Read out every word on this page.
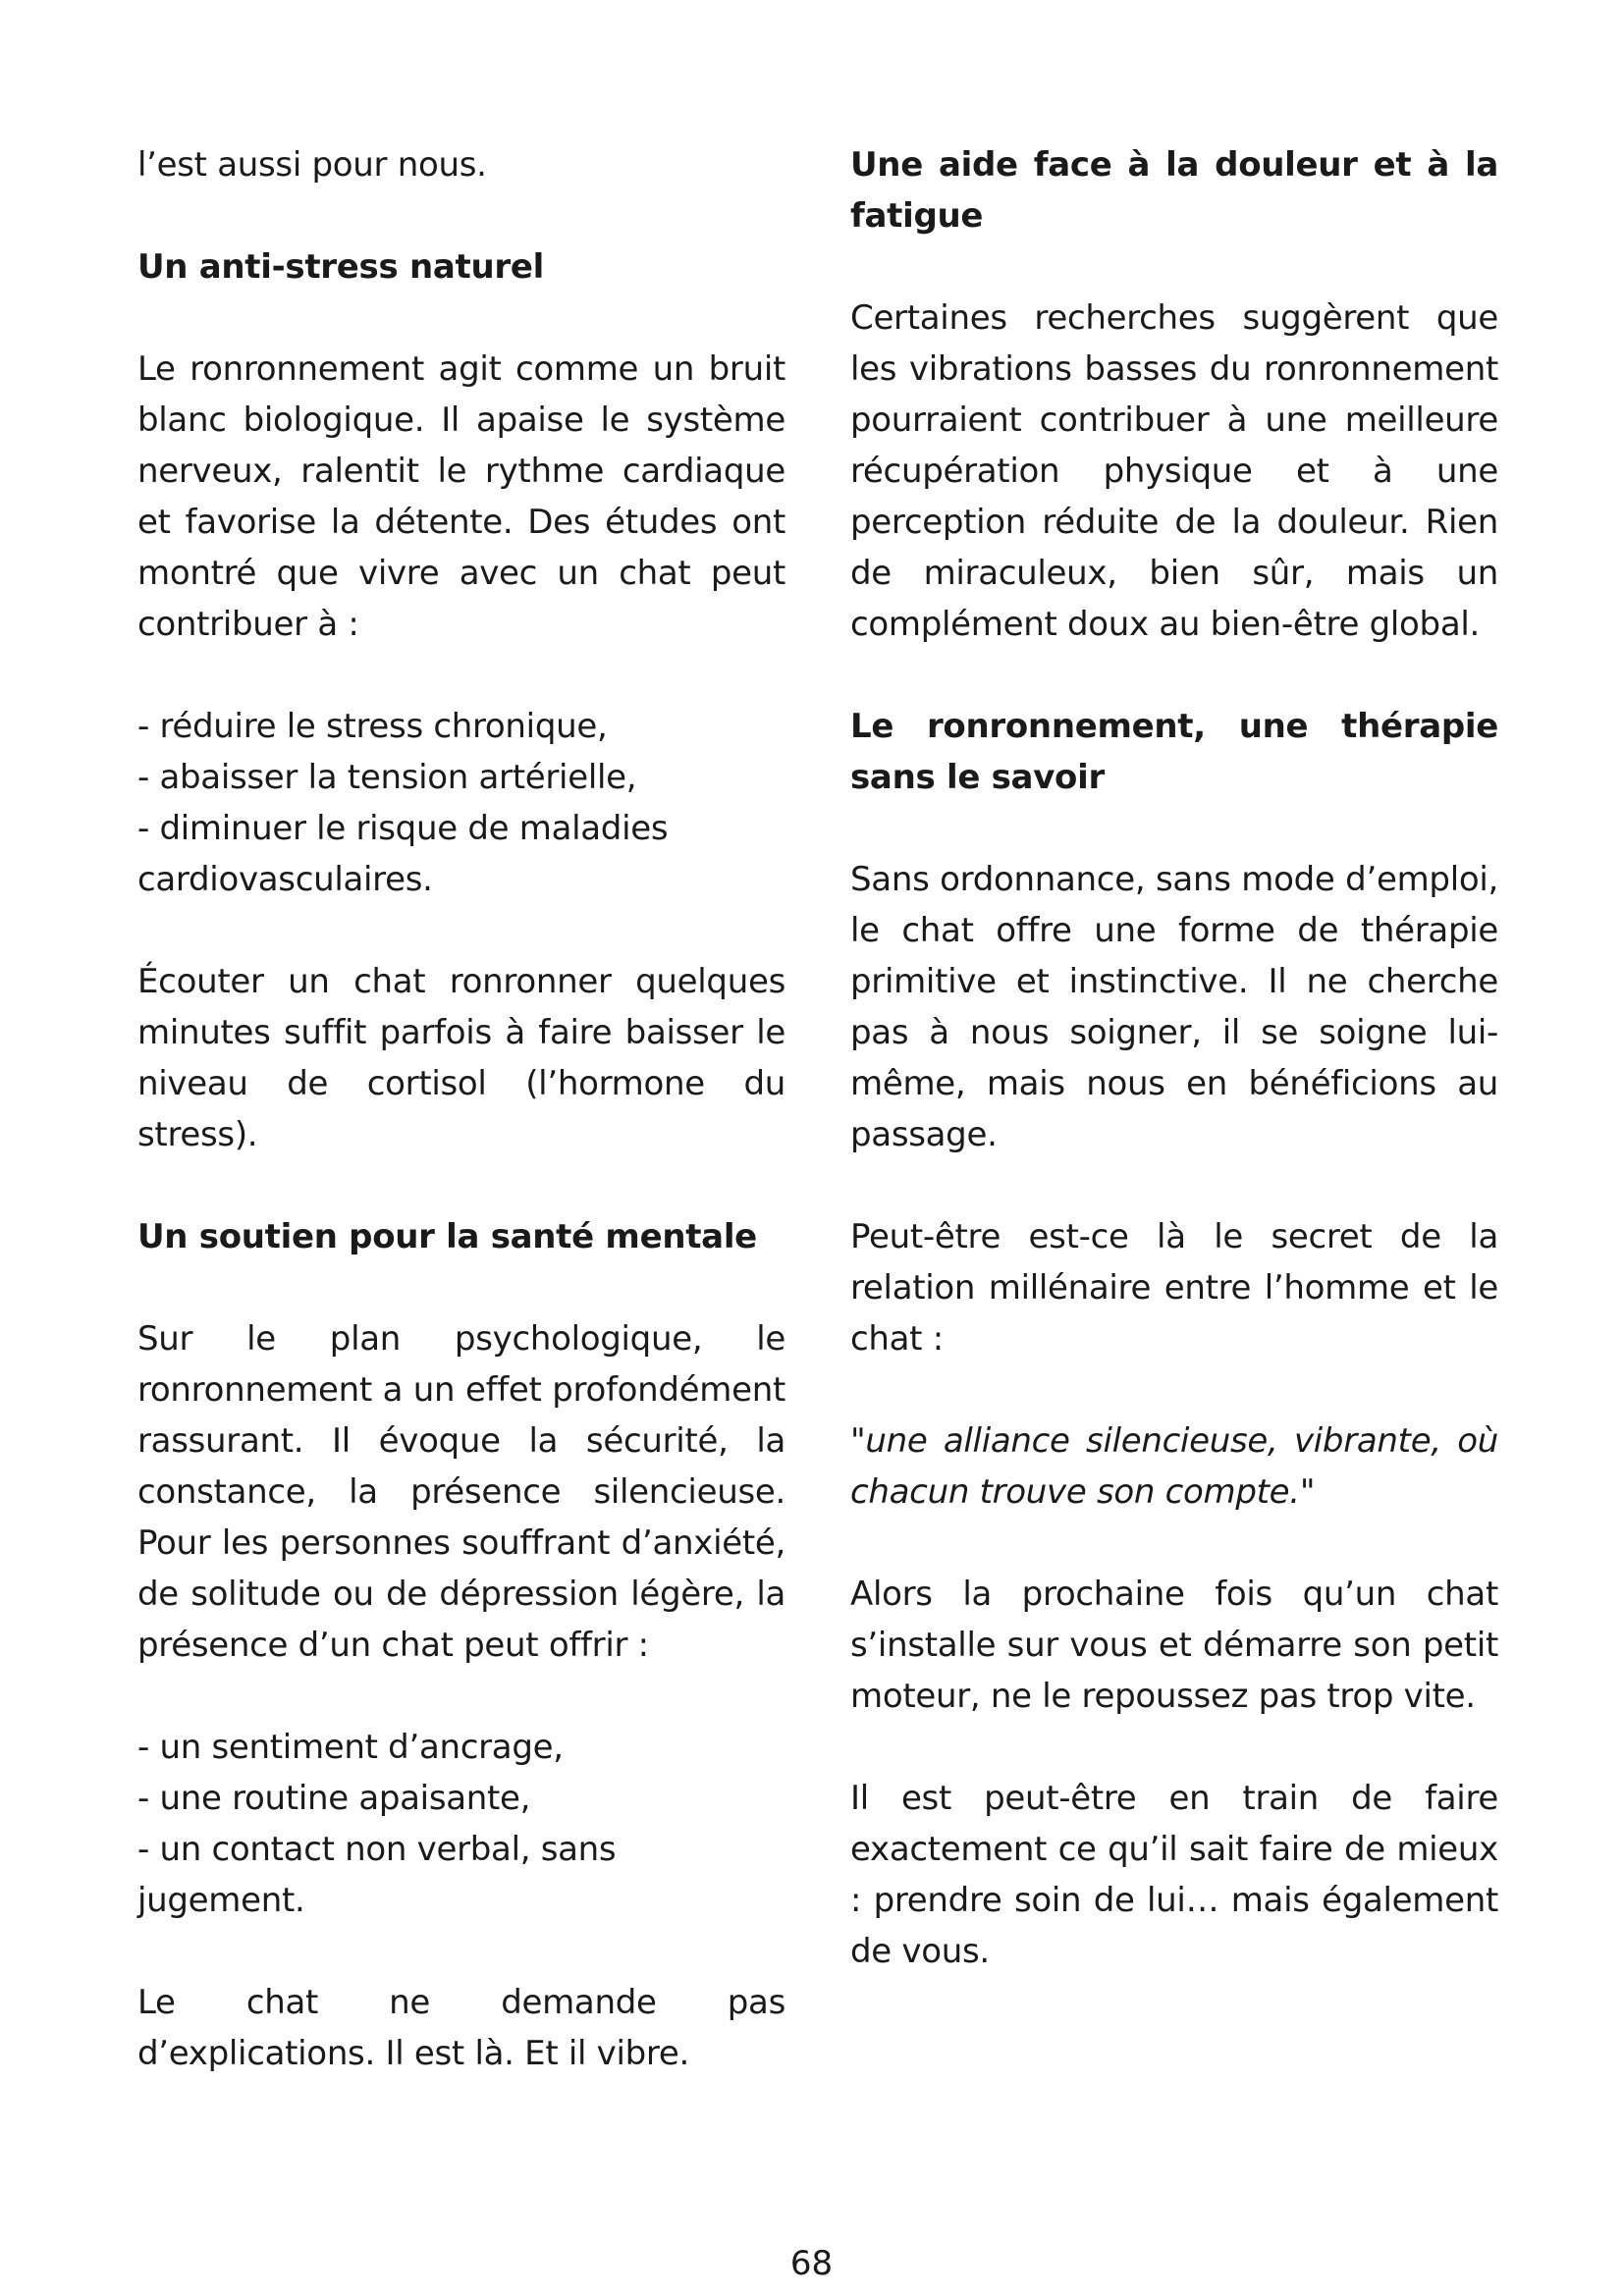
l’est aussi pour nous.

Un anti-stress naturel

Le ronronnement agit comme un bruit blanc biologique. Il apaise le système nerveux, ralentit le rythme cardiaque et favorise la détente. Des études ont montré que vivre avec un chat peut contribuer à :

- réduire le stress chronique,
- abaisser la tension artérielle,
- diminuer le risque de maladies cardiovasculaires.

Écouter un chat ronronner quelques minutes suffit parfois à faire baisser le niveau de cortisol (l’hormone du stress).

Un soutien pour la santé mentale

Sur le plan psychologique, le ronronnement a un effet profondément rassurant. Il évoque la sécurité, la constance, la présence silencieuse. Pour les personnes souffrant d’anxiété, de solitude ou de dépression légère, la présence d’un chat peut offrir :

- un sentiment d’ancrage,
- une routine apaisante,
- un contact non verbal, sans jugement.
Le chat ne demande pas
d’explications. Il est là. Et il vibre.

Une aide face à la douleur et à la fatigue

Certaines recherches suggèrent que les vibrations basses du ronronnement pourraient contribuer à une meilleure récupération physique et à une perception réduite de la douleur. Rien de miraculeux, bien sûr, mais un complément doux au bien-être global.

Le ronronnement, une thérapie sans le savoir

Sans ordonnance, sans mode d’emploi, le chat offre une forme de thérapie primitive et instinctive. Il ne cherche pas à nous soigner, il se soigne lui-même, mais nous en bénéficions au passage.

Peut-être est-ce là le secret de la relation millénaire entre l’homme et le chat :

"une alliance silencieuse, vibrante, où chacun trouve son compte."

Alors la prochaine fois qu’un chat s’installe sur vous et démarre son petit moteur, ne le repoussez pas trop vite.

Il est peut-être en train de faire exactement ce qu’il sait faire de mieux : prendre soin de lui… mais également de vous.

68
